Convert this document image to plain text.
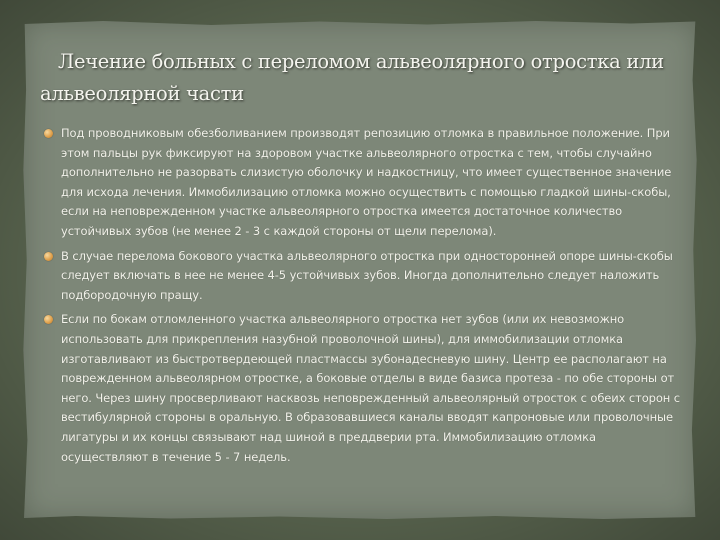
Лечение больных с переломом альвеолярного отростка или альвеолярной части
Под проводниковым обезболиванием производят репозицию отломка в правильное положение. При этом пальцы рук фиксируют на здоровом участке альвеолярного отростка с тем, чтобы случайно дополнительно не разорвать слизистую оболочку и надкостницу, что имеет существенное значение для исхода лечения. Иммобилизацию отломка можно осуществить с помощью гладкой шины-скобы, если на неповрежденном участке альвеолярного отростка имеется достаточное количество устойчивых зубов (не менее 2 - 3 с каждой стороны от щели перелома).
В случае перелома бокового участка альвеолярного отростка при односторонней опоре шины-скобы следует включать в нее не менее 4-5 устойчивых зубов. Иногда дополнительно следует наложить подбородочную пращу.
Если по бокам отломленного участка альвеолярного отростка нет зубов (или их невозможно использовать для прикрепления назубной проволочной шины), для иммобилизации отломка изготавливают из быстротвердеющей пластмассы зубонадесневую шину. Центр ее располагают на поврежденном альвеолярном отростке, а боковые отделы в виде базиса протеза - по обе стороны от него. Через шину просверливают насквозь неповрежденный альвеолярный отросток с обеих сторон с вестибулярной стороны в оральную. В образовавшиеся каналы вводят капроновые или проволочные лигатуры и их концы связывают над шиной в преддверии рта. Иммобилизацию отломка осуществляют в течение 5 - 7 недель.
